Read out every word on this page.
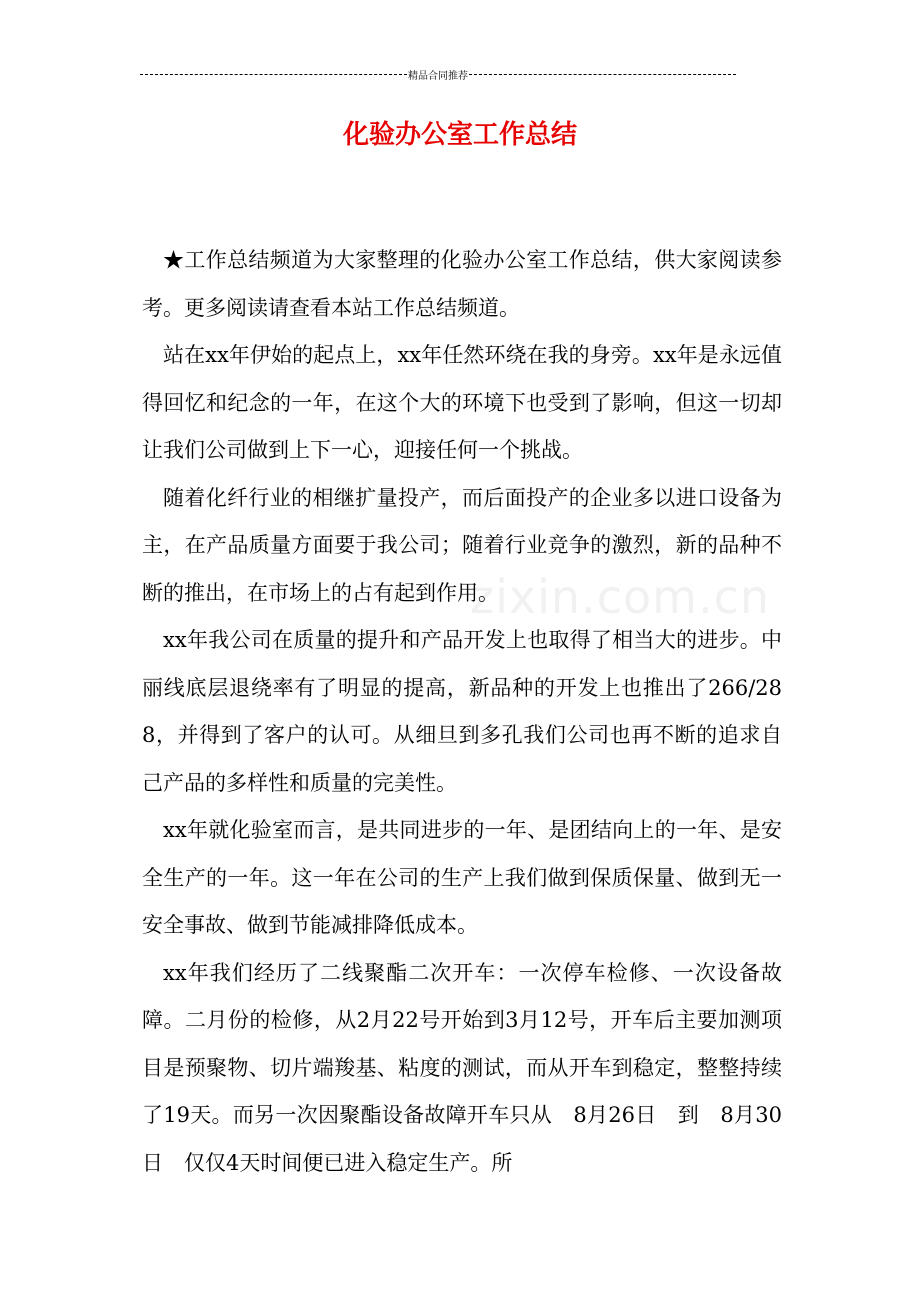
精品合同推荐
化验办公室工作总结
zixin.com.cn

★工作总结频道为大家整理的化验办公室工作总结，供大家阅读参考。更多阅读请查看本站工作总结频道。

站在xx年伊始的起点上，xx年任然环绕在我的身旁。xx年是永远值得回忆和纪念的一年，在这个大的环境下也受到了影响，但这一切却让我们公司做到上下一心，迎接任何一个挑战。

随着化纤行业的相继扩量投产，而后面投产的企业多以进口设备为主，在产品质量方面要于我公司；随着行业竞争的激烈，新的品种不断的推出，在市场上的占有起到作用。

xx年我公司在质量的提升和产品开发上也取得了相当大的进步。中丽线底层退绕率有了明显的提高，新品种的开发上也推出了266/288，并得到了客户的认可。从细旦到多孔我们公司也再不断的追求自己产品的多样性和质量的完美性。

xx年就化验室而言，是共同进步的一年、是团结向上的一年、是安全生产的一年。这一年在公司的生产上我们做到保质保量、做到无一安全事故、做到节能减排降低成本。

xx年我们经历了二线聚酯二次开车：一次停车检修、一次设备故障。二月份的检修，从2月22号开始到3月12号，开车后主要加测项目是预聚物、切片端羧基、粘度的测试，而从开车到稳定，整整持续了19天。而另一次因聚酯设备故障开车只从　8月26日　到　8月30日　仅仅4天时间便已进入稳定生产。所
